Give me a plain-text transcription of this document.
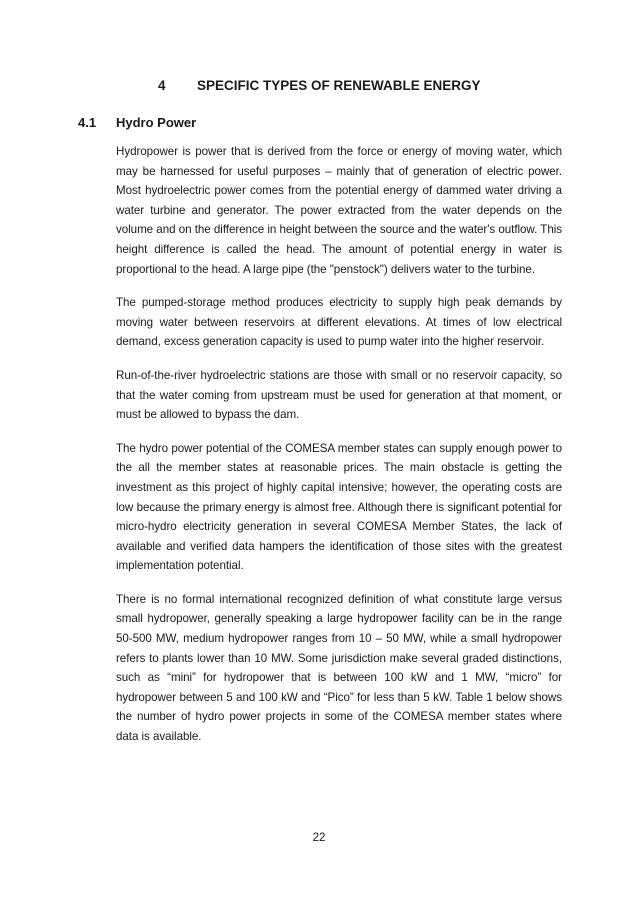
4 SPECIFIC TYPES OF RENEWABLE ENERGY
4.1 Hydro Power

Hydropower is power that is derived from the force or energy of moving water, which may be harnessed for useful purposes – mainly that of generation of electric power. Most hydroelectric power comes from the potential energy of dammed water driving a water turbine and generator. The power extracted from the water depends on the volume and on the difference in height between the source and the water's outflow. This height difference is called the head. The amount of potential energy in water is proportional to the head. A large pipe (the "penstock") delivers water to the turbine.

The pumped-storage method produces electricity to supply high peak demands by moving water between reservoirs at different elevations. At times of low electrical demand, excess generation capacity is used to pump water into the higher reservoir.

Run-of-the-river hydroelectric stations are those with small or no reservoir capacity, so that the water coming from upstream must be used for generation at that moment, or must be allowed to bypass the dam.

The hydro power potential of the COMESA member states can supply enough power to the all the member states at reasonable prices. The main obstacle is getting the investment as this project of highly capital intensive; however, the operating costs are low because the primary energy is almost free. Although there is significant potential for micro-hydro electricity generation in several COMESA Member States, the lack of available and verified data hampers the identification of those sites with the greatest implementation potential.

There is no formal international recognized definition of what constitute large versus small hydropower, generally speaking a large hydropower facility can be in the range 50-500 MW, medium hydropower ranges from 10 – 50 MW, while a small hydropower refers to plants lower than 10 MW. Some jurisdiction make several graded distinctions, such as “mini” for hydropower that is between 100 kW and 1 MW, “micro” for hydropower between 5 and 100 kW and “Pico” for less than 5 kW. Table 1 below shows the number of hydro power projects in some of the COMESA member states where data is available.

22
